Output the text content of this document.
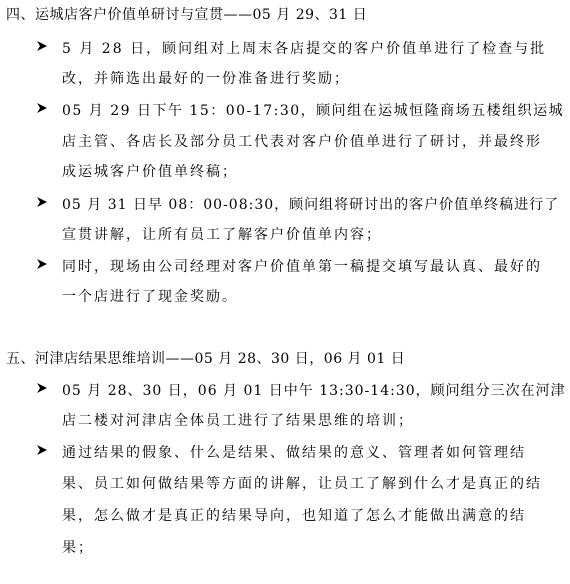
四、运城店客户价值单研讨与宣贯——05 月 29、31 日
5 月 28 日，顾问组对上周末各店提交的客户价值单进行了检查与批
改，并筛选出最好的一份准备进行奖励；
05 月 29 日下午 15：00-17:30，顾问组在运城恒隆商场五楼组织运城
店主管、各店长及部分员工代表对客户价值单进行了研讨，并最终形
成运城客户价值单终稿；
05 月 31 日早 08：00-08:30，顾问组将研讨出的客户价值单终稿进行了
宣贯讲解，让所有员工了解客户价值单内容；
同时，现场由公司经理对客户价值单第一稿提交填写最认真、最好的
一个店进行了现金奖励。
五、河津店结果思维培训——05 月 28、30 日，06 月 01 日
05 月 28、30 日，06 月 01 日中午 13:30-14:30，顾问组分三次在河津
店二楼对河津店全体员工进行了结果思维的培训；
通过结果的假象、什么是结果、做结果的意义、管理者如何管理结
果、员工如何做结果等方面的讲解，让员工了解到什么才是真正的结
果，怎么做才是真正的结果导向，也知道了怎么才能做出满意的结
果；
